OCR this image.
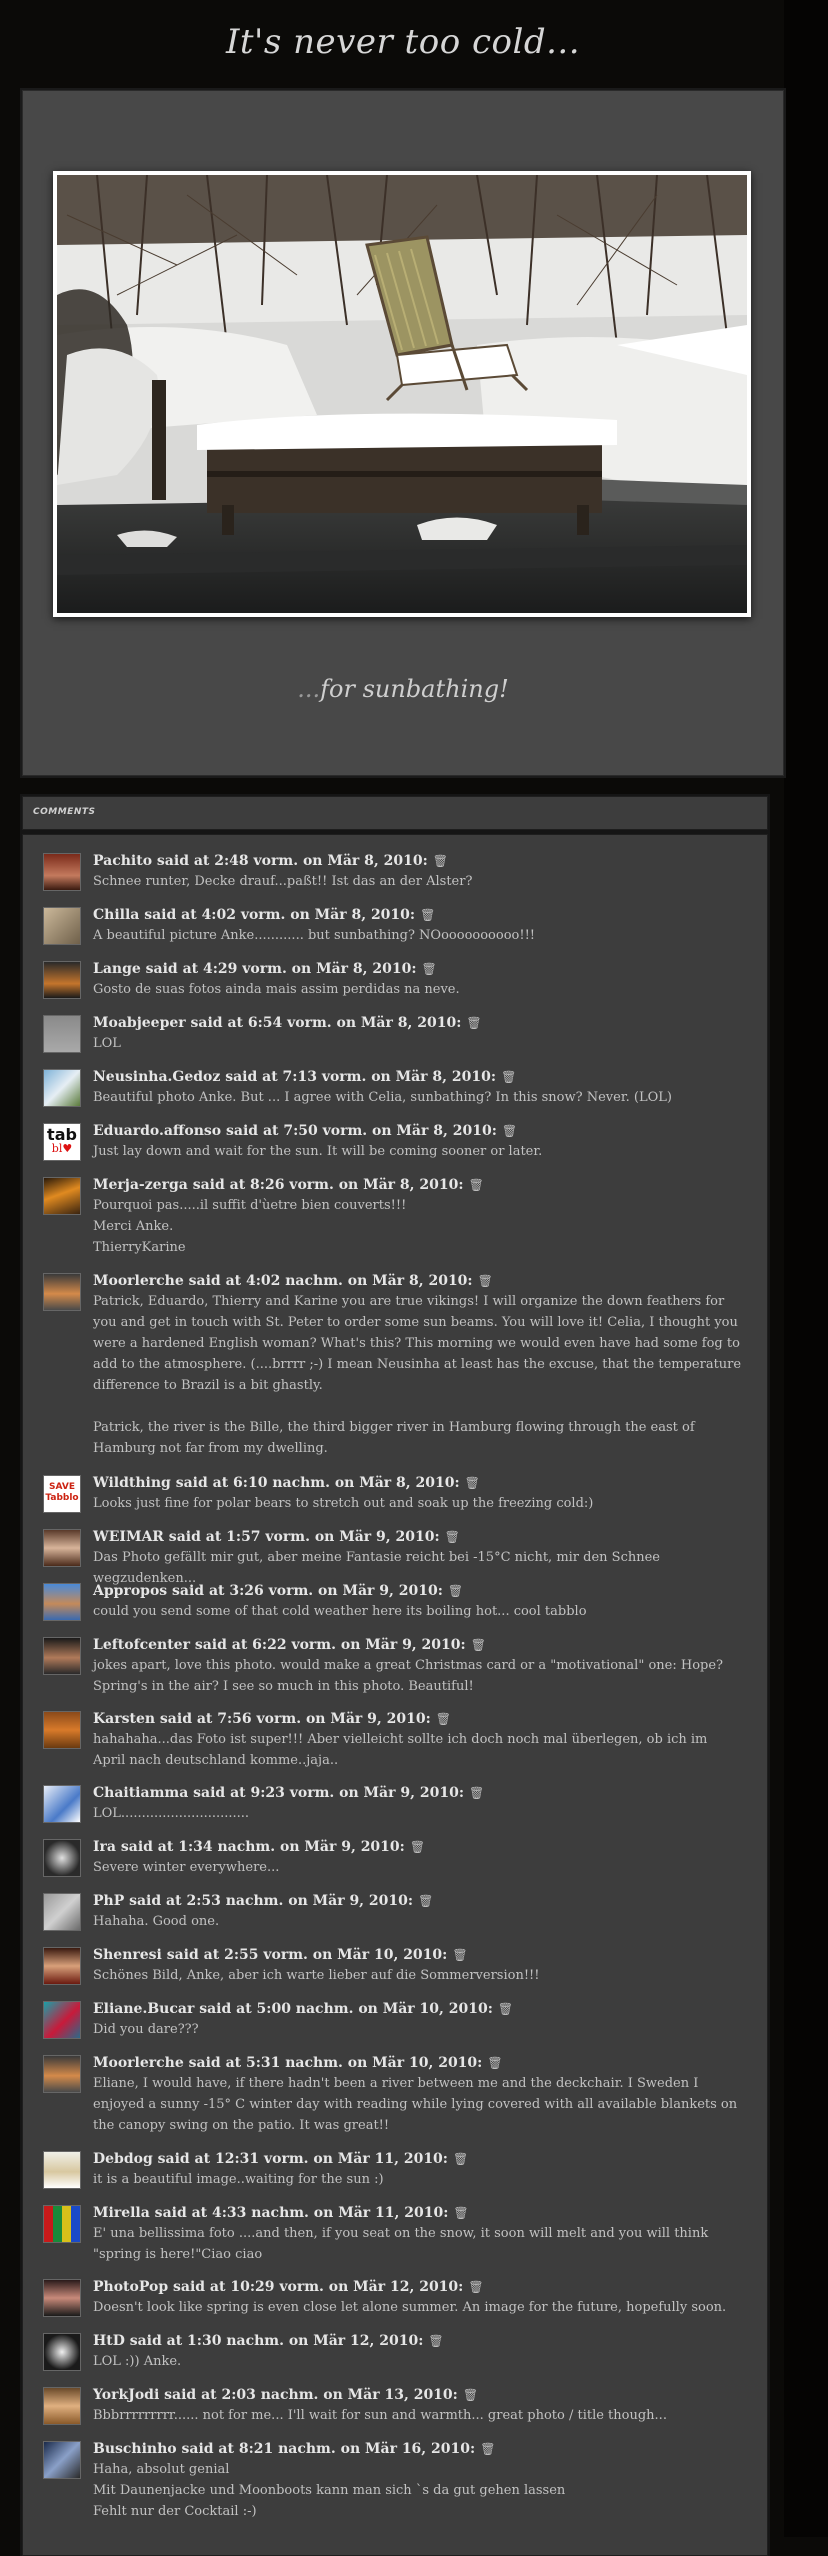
It's never too cold...
...for sunbathing!
COMMENTS
Pachito said at 2:48 vorm. on Mär 8, 2010: 🗑
Schnee runter, Decke drauf...paßt!! Ist das an der Alster?
Chilla said at 4:02 vorm. on Mär 8, 2010: 🗑
A beautiful picture Anke............ but sunbathing? NOoooooooooo!!!
Lange said at 4:29 vorm. on Mär 8, 2010: 🗑
Gosto de suas fotos ainda mais assim perdidas na neve.
Moabjeeper said at 6:54 vorm. on Mär 8, 2010: 🗑
LOL
Neusinha.Gedoz said at 7:13 vorm. on Mär 8, 2010: 🗑
Beautiful photo Anke. But ... I agree with Celia, sunbathing? In this snow? Never. (LOL)
tab
bl♥
Eduardo.affonso said at 7:50 vorm. on Mär 8, 2010: 🗑
Just lay down and wait for the sun. It will be coming sooner or later.
Merja-zerga said at 8:26 vorm. on Mär 8, 2010: 🗑
Pourquoi pas.....il suffit d'ùetre bien couverts!!!
Merci Anke.
ThierryKarine
Moorlerche said at 4:02 nachm. on Mär 8, 2010: 🗑
Patrick, Eduardo, Thierry and Karine you are true vikings! I will organize the down feathers for you and get in touch with St. Peter to order some sun beams. You will love it! Celia, I thought you were a hardened English woman? What's this? This morning we would even have had some fog to add to the atmosphere. (....brrrr ;-) I mean Neusinha at least has the excuse, that the temperature difference to Brazil is a bit ghastly.

Patrick, the river is the Bille, the third bigger river in Hamburg flowing through the east of Hamburg not far from my dwelling.
SAVE
Tabblo
Wildthing said at 6:10 nachm. on Mär 8, 2010: 🗑
Looks just fine for polar bears to stretch out and soak up the freezing cold:)
WEIMAR said at 1:57 vorm. on Mär 9, 2010: 🗑
Das Photo gefällt mir gut, aber meine Fantasie reicht bei -15°C nicht, mir den Schnee wegzudenken...
Appropos said at 3:26 vorm. on Mär 9, 2010: 🗑
could you send some of that cold weather here its boiling hot... cool tabblo
Leftofcenter said at 6:22 vorm. on Mär 9, 2010: 🗑
jokes apart, love this photo. would make a great Christmas card or a "motivational" one: Hope? Spring's in the air? I see so much in this photo. Beautiful!
Karsten said at 7:56 vorm. on Mär 9, 2010: 🗑
hahahaha...das Foto ist super!!! Aber vielleicht sollte ich doch noch mal überlegen, ob ich im April nach deutschland komme..jaja..
Chaitiamma said at 9:23 vorm. on Mär 9, 2010: 🗑
LOL...............................
Ira said at 1:34 nachm. on Mär 9, 2010: 🗑
Severe winter everywhere...
PhP said at 2:53 nachm. on Mär 9, 2010: 🗑
Hahaha. Good one.
Shenresi said at 2:55 vorm. on Mär 10, 2010: 🗑
Schönes Bild, Anke, aber ich warte lieber auf die Sommerversion!!!
Eliane.Bucar said at 5:00 nachm. on Mär 10, 2010: 🗑
Did you dare???
Moorlerche said at 5:31 nachm. on Mär 10, 2010: 🗑
Eliane, I would have, if there hadn't been a river between me and the deckchair. I Sweden I enjoyed a sunny -15° C winter day with reading while lying covered with all available blankets on the canopy swing on the patio. It was great!!
Debdog said at 12:31 vorm. on Mär 11, 2010: 🗑
it is a beautiful image..waiting for the sun :)
Mirella said at 4:33 nachm. on Mär 11, 2010: 🗑
E' una bellissima foto ....and then, if you seat on the snow, it soon will melt and you will think "spring is here!"Ciao ciao
PhotoPop said at 10:29 vorm. on Mär 12, 2010: 🗑
Doesn't look like spring is even close let alone summer. An image for the future, hopefully soon.
HtD said at 1:30 nachm. on Mär 12, 2010: 🗑
LOL :)) Anke.
YorkJodi said at 2:03 nachm. on Mär 13, 2010: 🗑
Bbbrrrrrrrrr...... not for me... I'll wait for sun and warmth... great photo / title though...
Buschinho said at 8:21 nachm. on Mär 16, 2010: 🗑
Haha, absolut genial
Mit Daunenjacke und Moonboots kann man sich `s da gut gehen lassen
Fehlt nur der Cocktail :-)
